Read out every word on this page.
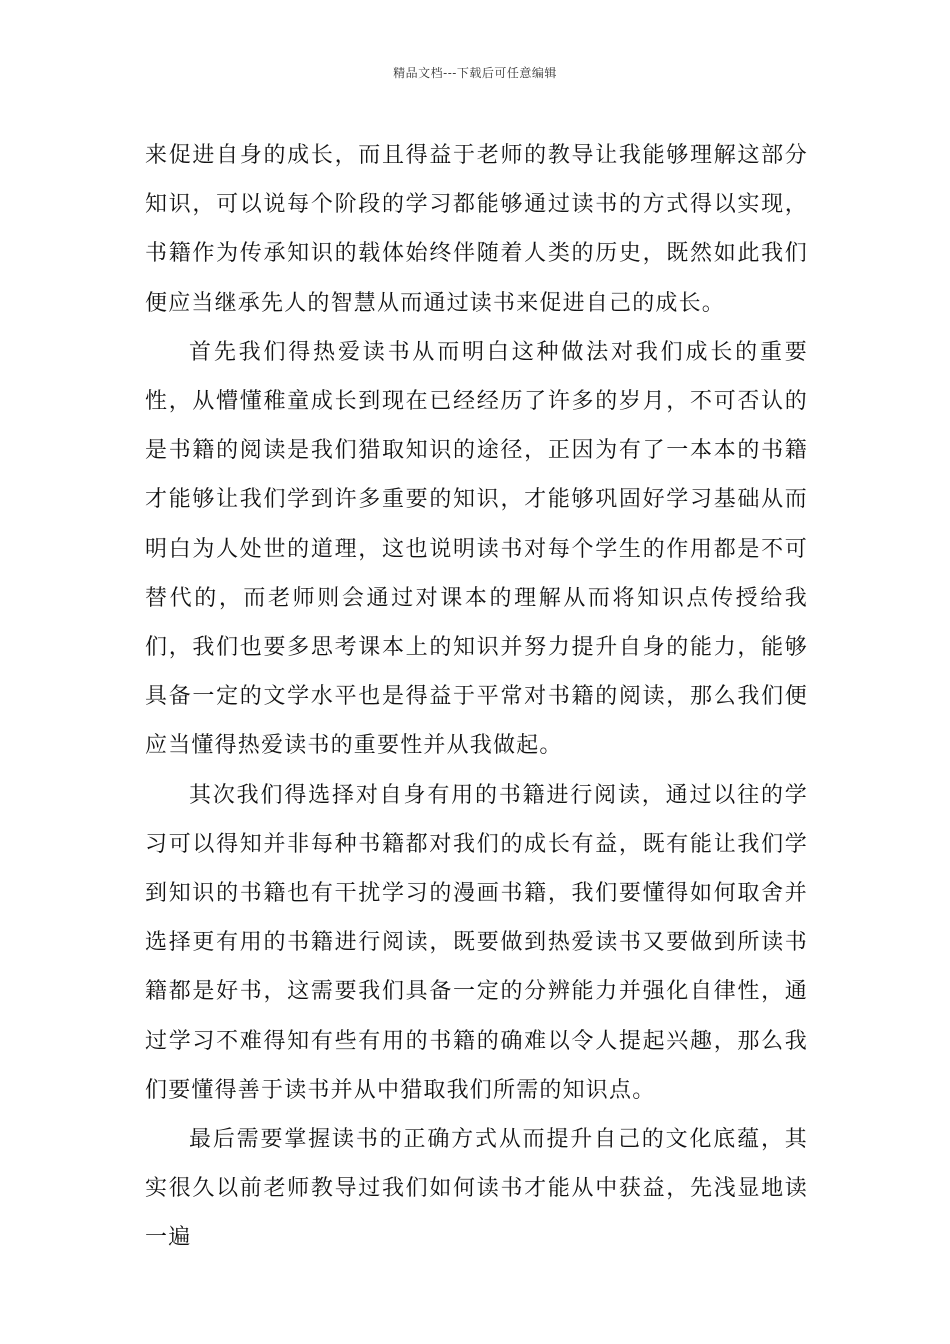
精品文档---下载后可任意编辑

来促进自身的成长，而且得益于老师的教导让我能够理解这部分知识，可以说每个阶段的学习都能够通过读书的方式得以实现，书籍作为传承知识的载体始终伴随着人类的历史，既然如此我们便应当继承先人的智慧从而通过读书来促进自己的成长。

首先我们得热爱读书从而明白这种做法对我们成长的重要性，从懵懂稚童成长到现在已经经历了许多的岁月，不可否认的是书籍的阅读是我们猎取知识的途径，正因为有了一本本的书籍才能够让我们学到许多重要的知识，才能够巩固好学习基础从而明白为人处世的道理，这也说明读书对每个学生的作用都是不可替代的，而老师则会通过对课本的理解从而将知识点传授给我们，我们也要多思考课本上的知识并努力提升自身的能力，能够具备一定的文学水平也是得益于平常对书籍的阅读，那么我们便应当懂得热爱读书的重要性并从我做起。

其次我们得选择对自身有用的书籍进行阅读，通过以往的学习可以得知并非每种书籍都对我们的成长有益，既有能让我们学到知识的书籍也有干扰学习的漫画书籍，我们要懂得如何取舍并选择更有用的书籍进行阅读，既要做到热爱读书又要做到所读书籍都是好书，这需要我们具备一定的分辨能力并强化自律性，通过学习不难得知有些有用的书籍的确难以令人提起兴趣，那么我们要懂得善于读书并从中猎取我们所需的知识点。

最后需要掌握读书的正确方式从而提升自己的文化底蕴，其实很久以前老师教导过我们如何读书才能从中获益，先浅显地读一遍
